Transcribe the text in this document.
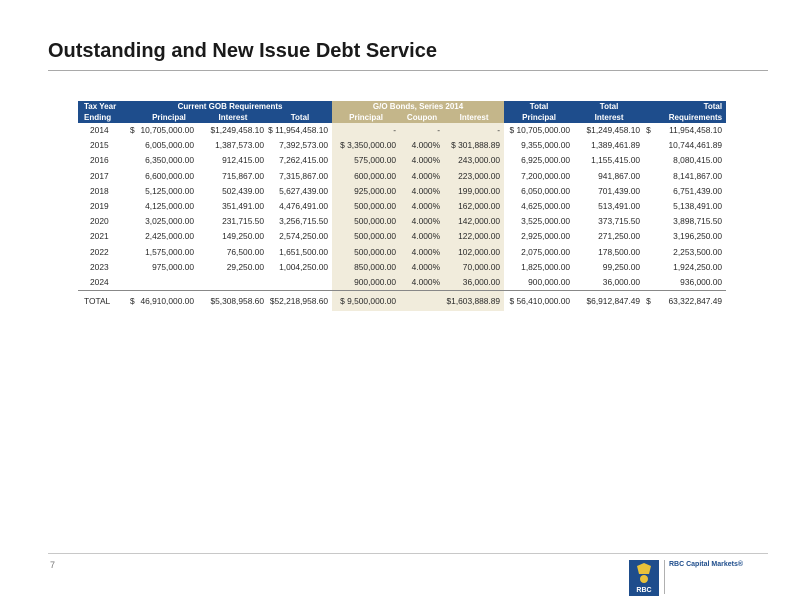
Outstanding and New Issue Debt Service
Tax Year	Current GOB Requirements				G/O Bonds, Series 2014			Total	Total	Total	
Ending		Principal	Interest	Total	Principal	Coupon	Interest	Principal	Interest	Requirements	
2014	$	10,705,000.00	$1,249,458.10	$ 11,954,458.10	-	-	-	$ 10,705,000.00	$1,249,458.10	$	11,954,458.10
2015		6,005,000.00	1,387,573.00	7,392,573.00	$ 3,350,000.00	4.000%	$ 301,888.89	9,355,000.00	1,389,461.89		10,744,461.89
2016		6,350,000.00	912,415.00	7,262,415.00	575,000.00	4.000%	243,000.00	6,925,000.00	1,155,415.00		8,080,415.00
2017		6,600,000.00	715,867.00	7,315,867.00	600,000.00	4.000%	223,000.00	7,200,000.00	941,867.00		8,141,867.00
2018		5,125,000.00	502,439.00	5,627,439.00	925,000.00	4.000%	199,000.00	6,050,000.00	701,439.00		6,751,439.00
2019		4,125,000.00	351,491.00	4,476,491.00	500,000.00	4.000%	162,000.00	4,625,000.00	513,491.00		5,138,491.00
2020		3,025,000.00	231,715.50	3,256,715.50	500,000.00	4.000%	142,000.00	3,525,000.00	373,715.50		3,898,715.50
2021		2,425,000.00	149,250.00	2,574,250.00	500,000.00	4.000%	122,000.00	2,925,000.00	271,250.00		3,196,250.00
2022		1,575,000.00	76,500.00	1,651,500.00	500,000.00	4.000%	102,000.00	2,075,000.00	178,500.00		2,253,500.00
2023		975,000.00	29,250.00	1,004,250.00	850,000.00	4.000%	70,000.00	1,825,000.00	99,250.00		1,924,250.00
2024					900,000.00	4.000%	36,000.00	900,000.00	36,000.00		936,000.00
TOTAL	$	46,910,000.00	$5,308,958.60	$52,218,958.60	$ 9,500,000.00		$1,603,888.89	$ 56,410,000.00	$6,912,847.49	$	63,322,847.49
7
RBC
RBC Capital Markets®
